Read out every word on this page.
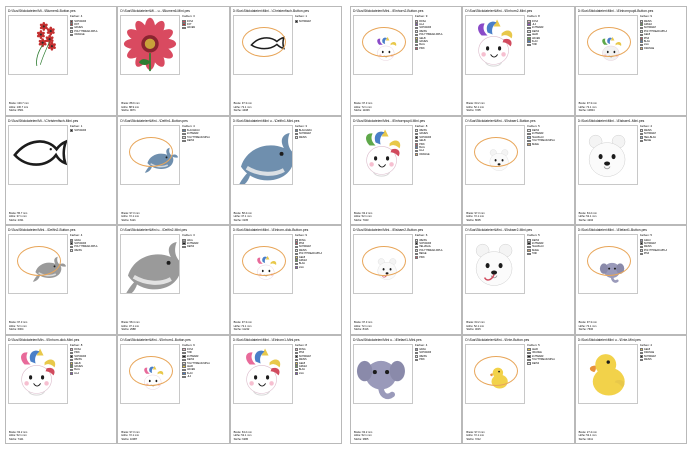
D:\Sus\Stickdateien\Mi...\Blumen6-Button.pes
Farben: 4
SCHWARZ
ROT
GRUEN
POLYTHREAD-MPLA
ORANGE
Breite: 130.7 mm
Höhe: 130.7 mm
Stiche: 6501
D:\Sus\Stickdateien\Mi... u...\Blumen6-Mini.pes
Farben: 3
ROSA
ROT
GRUEN
Breite: 88.9 mm
Höhe: 88.9 mm
Stiche: 9071
D:\Sus\Stickdateien\Mini...\Christenfisch-Button.pes
Farben: 1
SCHWARZ
Breite: 97.3 mm
Höhe: 72.1 mm
Stiche: 4408
D:\Sus\Stickdateien\Mi...\Christenfisch-Mini.pes
Farben: 1
SCHWARZ
Breite: 55.7 mm
Höhe: 37.1 mm
Stiche: 2331
D:\Sus\Stickdateien\Mini...\Delfin1-Button.pes
Farben: 4
BLAUGRAU
SCHWARZ
POLYTHREAD-MPLA
WEISS
Breite: 97.3 mm
Höhe: 72.1 mm
Stiche: 6121
D:\Sus\Stickdateien\Mini u...\Delfin1-Mini.pes
Farben: 3
BLAUGRAU
SCHWARZ
WEISS
Breite: 58.4 mm
Höhe: 37.1 mm
Stiche: 3105
D:\Sus\Stickdateien\Mini...\Delfin2-Button.pes
Farben: 4
GRAU
SCHWARZ
POLYTHREAD-MPLA
WEISS
Breite: 97.3 mm
Höhe: 72.1 mm
Stiche: 6004
D:\Sus\Stickdateien\Mini u...\Delfin2-Mini.pes
Farben: 3
GRAU
SCHWARZ
WEISS
Breite: 58.4 mm
Höhe: 37.1 mm
Stiche: 2988
D:\Sus\Stickdateien\Mini...\Einhorn-dick-Button.pes
Farben: 9
ROSA
PINK
SCHWARZ
WEISS
POLYTHREAD-MPLA
GELB
GRUEN
BLAU
LILA
Breite: 97.3 mm
Höhe: 72.1 mm
Stiche: 11242
D:\Sus\Stickdateien\Min...\Einhorn-dick-Mini.pes
Farben: 8
ROSA
PINK
SCHWARZ
WEISS
GELB
GRUEN
BLAU
LILA
Breite: 63.2 mm
Höhe: 52.1 mm
Stiche: 7441
D:\Sus\Stickdateien\Mini...\Einhorn1-Button.pes
Farben: 9
ROSA
PINK
SCHWARZ
WEISS
POLYTHREAD-MPLA
GELB
GRUEN
BLAU
LILA
Breite: 97.3 mm
Höhe: 72.1 mm
Stiche: 10087
D:\Sus\Stickdateien\Mini...\Einhorn1-Mini.pes
Farben: 8
ROSA
PINK
SCHWARZ
WEISS
GELB
GRUEN
BLAU
LILA
Breite: 63.2 mm
Höhe: 52.1 mm
Stiche: 6286
D:\Sus\Stickdateien\Mini...\Einhorn2-Button.pes
Farben: 9
ROSA
LILA
SCHWARZ
WEISS
POLYTHREAD-MPLA
GELB
GRUEN
BLAU
PINK
Breite: 97.3 mm
Höhe: 72.1 mm
Stiche: 11006
D:\Sus\Stickdateien\Mini...\Einhorn2-Mini.pes
Farben: 8
ROSA
LILA
SCHWARZ
WEISS
GELB
GRUEN
BLAU
PINK
Breite: 63.2 mm
Höhe: 52.1 mm
Stiche: 7205
D:\Sus\Stickdateien\Mini...\Einhornpupil-Button.pes
Farben: 9
WEISS
GRUEN
SCHWARZ
POLYTHREAD-MPLA
GELB
PINK
BLAU
LILA
ORANGE
Breite: 97.3 mm
Höhe: 72.1 mm
Stiche: 10844
D:\Sus\Stickdateien\Mini...\Einhornpupil-Mini.pes
Farben: 8
WEISS
GRUEN
SCHWARZ
GELB
PINK
BLAU
LILA
ORANGE
Breite: 63.2 mm
Höhe: 52.1 mm
Stiche: 7043
D:\Sus\Stickdateien\Mini...\Eisbaer1-Button.pes
Farben: 5
WEISS
SCHWARZ
HELLBLAU
POLYTHREAD-MPLA
BEIGE
Breite: 97.3 mm
Höhe: 72.1 mm
Stiche: 8005
D:\Sus\Stickdateien\Mini...\Eisbaer1-Mini.pes
Farben: 4
WEISS
SCHWARZ
HELLBLAU
BEIGE
Breite: 63.2 mm
Höhe: 52.1 mm
Stiche: 4204
D:\Sus\Stickdateien\Mini...\Eisbaer2-Button.pes
Farben: 6
WEISS
SCHWARZ
HELLBLAU
POLYTHREAD-MPLA
BEIGE
PINK
Breite: 97.3 mm
Höhe: 72.1 mm
Stiche: 8416
D:\Sus\Stickdateien\Mini...\Eisbaer2-Mini.pes
Farben: 5
WEISS
SCHWARZ
HELLBLAU
BEIGE
PINK
Breite: 63.2 mm
Höhe: 52.1 mm
Stiche: 4615
D:\Sus\Stickdateien\Mini...\Elefant1-Button.pes
Farben: 5
GRAU
SCHWARZ
WEISS
POLYTHREAD-MPLA
PINK
Breite: 97.3 mm
Höhe: 72.1 mm
Stiche: 7606
D:\Sus\Stickdateien\Mini u...\Elefant1-Mini.pes
Farben: 4
GRAU
SCHWARZ
WEISS
PINK
Breite: 63.2 mm
Höhe: 52.1 mm
Stiche: 3805
D:\Sus\Stickdateien\Mini...\Ente-Button.pes
Farben: 5
GELB
ORANGE
SCHWARZ
POLYTHREAD-MPLA
WEISS
Breite: 97.3 mm
Höhe: 72.1 mm
Stiche: 7212
D:\Sus\Stickdateien\Mini u...\Ente-Mini.pes
Farben: 4
GELB
ORANGE
SCHWARZ
WEISS
Breite: 27.4 mm
Höhe: 52.1 mm
Stiche: 3411
